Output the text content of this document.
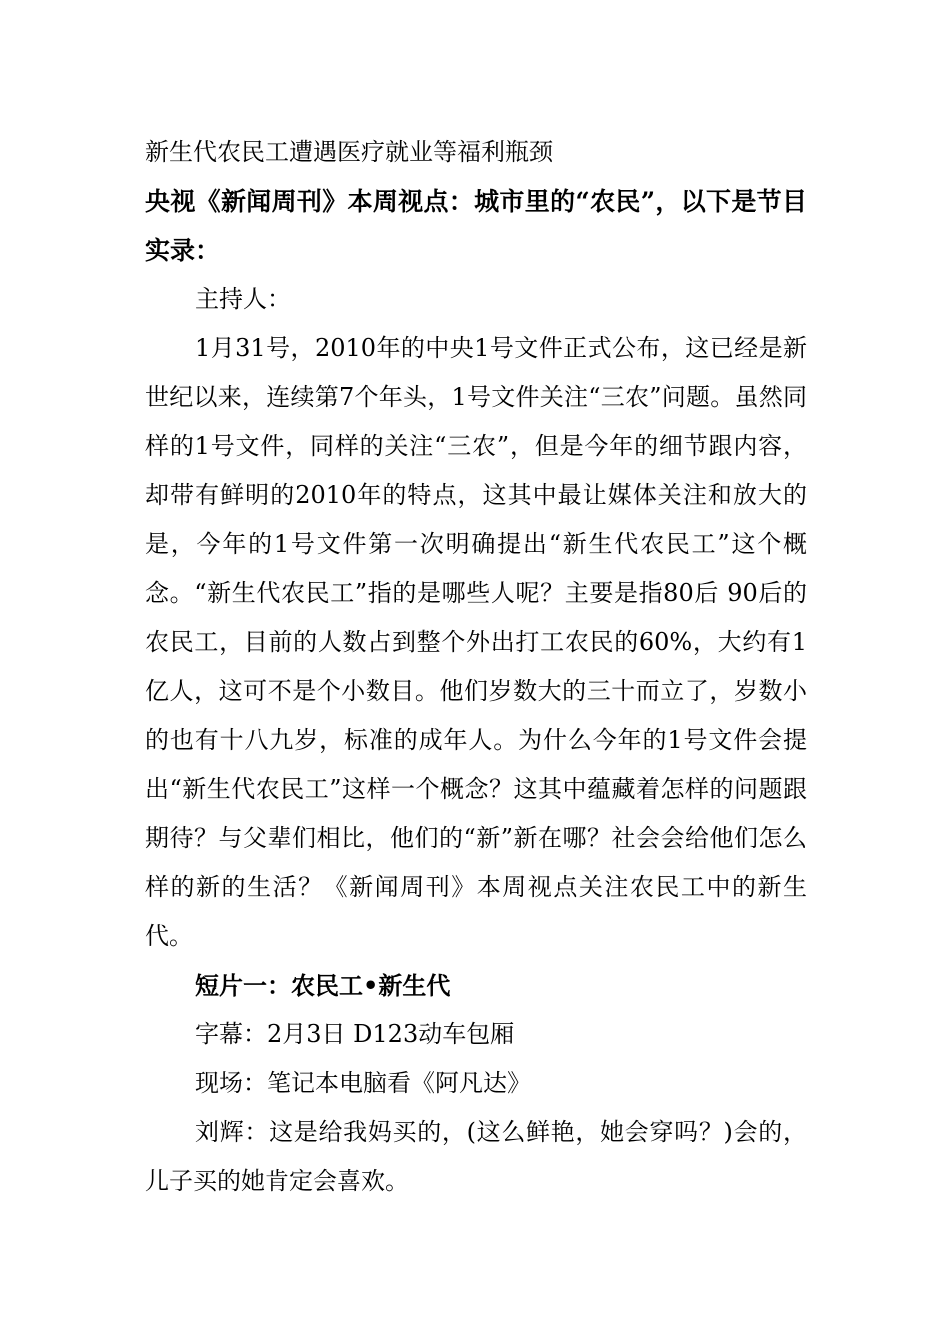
新生代农民工遭遇医疗就业等福利瓶颈

央视《新闻周刊》本周视点：城市里的“农民”，以下是节目实录：

主持人：

1月31号，2010年的中央1号文件正式公布，这已经是新世纪以来，连续第7个年头，1号文件关注“三农”问题。虽然同样的1号文件，同样的关注“三农”，但是今年的细节跟内容，却带有鲜明的2010年的特点，这其中最让媒体关注和放大的是，今年的1号文件第一次明确提出“新生代农民工”这个概念。“新生代农民工”指的是哪些人呢？主要是指80后 90后的农民工，目前的人数占到整个外出打工农民的60%，大约有1亿人，这可不是个小数目。他们岁数大的三十而立了，岁数小的也有十八九岁，标准的成年人。为什么今年的1号文件会提出“新生代农民工”这样一个概念？这其中蕴藏着怎样的问题跟期待？与父辈们相比，他们的“新”新在哪？社会会给他们怎么样的新的生活？《新闻周刊》本周视点关注农民工中的新生代。

短片一：农民工•新生代

字幕：2月3日 D123动车包厢

现场：笔记本电脑看《阿凡达》

刘辉：这是给我妈买的，(这么鲜艳，她会穿吗？)会的，儿子买的她肯定会喜欢。
